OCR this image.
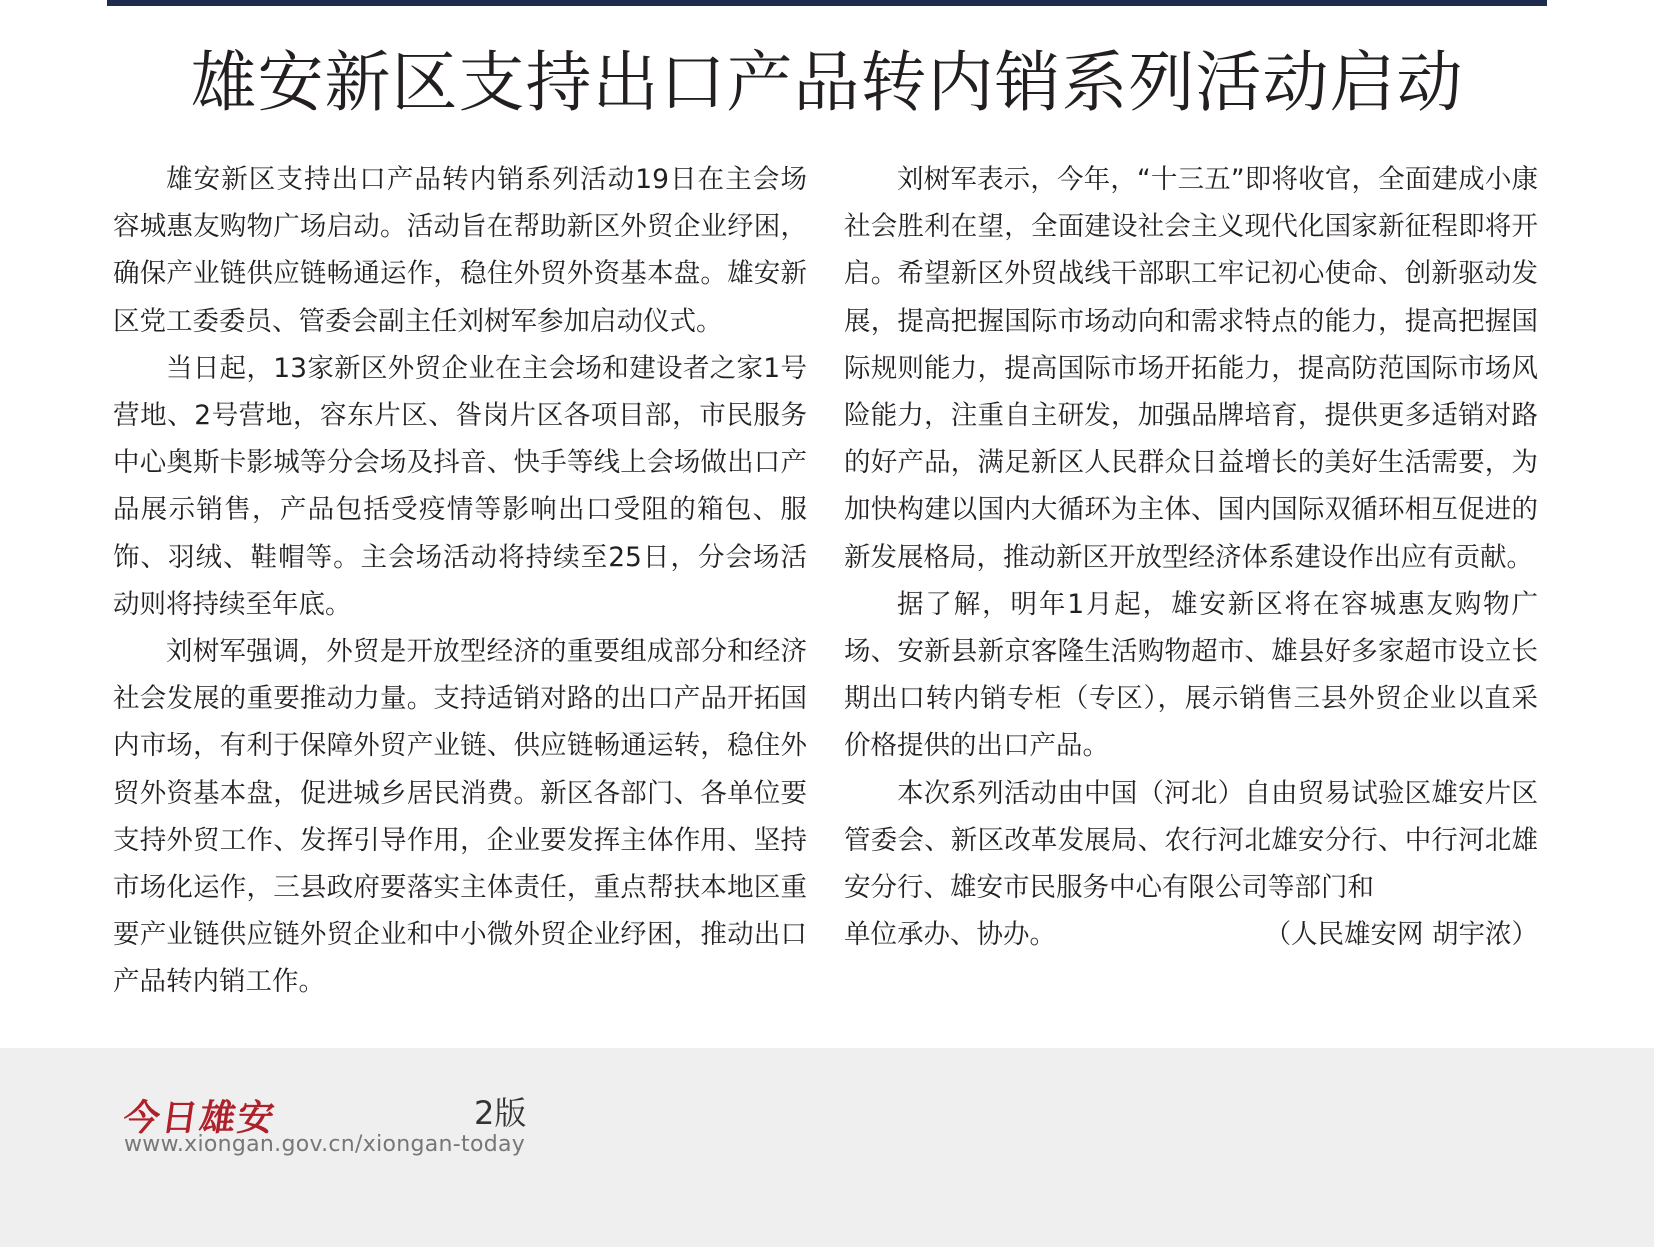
雄安新区支持出口产品转内销系列活动启动

雄安新区支持出口产品转内销系列活动19日在主会场容城惠友购物广场启动。活动旨在帮助新区外贸企业纾困，确保产业链供应链畅通运作，稳住外贸外资基本盘。雄安新区党工委委员、管委会副主任刘树军参加启动仪式。

当日起，13家新区外贸企业在主会场和建设者之家1号营地、2号营地，容东片区、昝岗片区各项目部，市民服务中心奥斯卡影城等分会场及抖音、快手等线上会场做出口产品展示销售，产品包括受疫情等影响出口受阻的箱包、服饰、羽绒、鞋帽等。主会场活动将持续至25日，分会场活动则将持续至年底。

刘树军强调，外贸是开放型经济的重要组成部分和经济社会发展的重要推动力量。支持适销对路的出口产品开拓国内市场，有利于保障外贸产业链、供应链畅通运转，稳住外贸外资基本盘，促进城乡居民消费。新区各部门、各单位要支持外贸工作、发挥引导作用，企业要发挥主体作用、坚持市场化运作，三县政府要落实主体责任，重点帮扶本地区重要产业链供应链外贸企业和中小微外贸企业纾困，推动出口产品转内销工作。

刘树军表示，今年，“十三五”即将收官，全面建成小康社会胜利在望，全面建设社会主义现代化国家新征程即将开启。希望新区外贸战线干部职工牢记初心使命、创新驱动发展，提高把握国际市场动向和需求特点的能力，提高把握国际规则能力，提高国际市场开拓能力，提高防范国际市场风险能力，注重自主研发，加强品牌培育，提供更多适销对路的好产品，满足新区人民群众日益增长的美好生活需要，为加快构建以国内大循环为主体、国内国际双循环相互促进的新发展格局，推动新区开放型经济体系建设作出应有贡献。

据了解，明年1月起，雄安新区将在容城惠友购物广场、安新县新京客隆生活购物超市、雄县好多家超市设立长期出口转内销专柜（专区），展示销售三县外贸企业以直采价格提供的出口产品。

本次系列活动由中国（河北）自由贸易试验区雄安片区管委会、新区改革发展局、农行河北雄安分行、中行河北雄安分行、雄安市民服务中心有限公司等部门和

单位承办、协办。	（人民雄安网 胡宇浓）
今日雄安	2版
www.xiongan.gov.cn/xiongan-today
